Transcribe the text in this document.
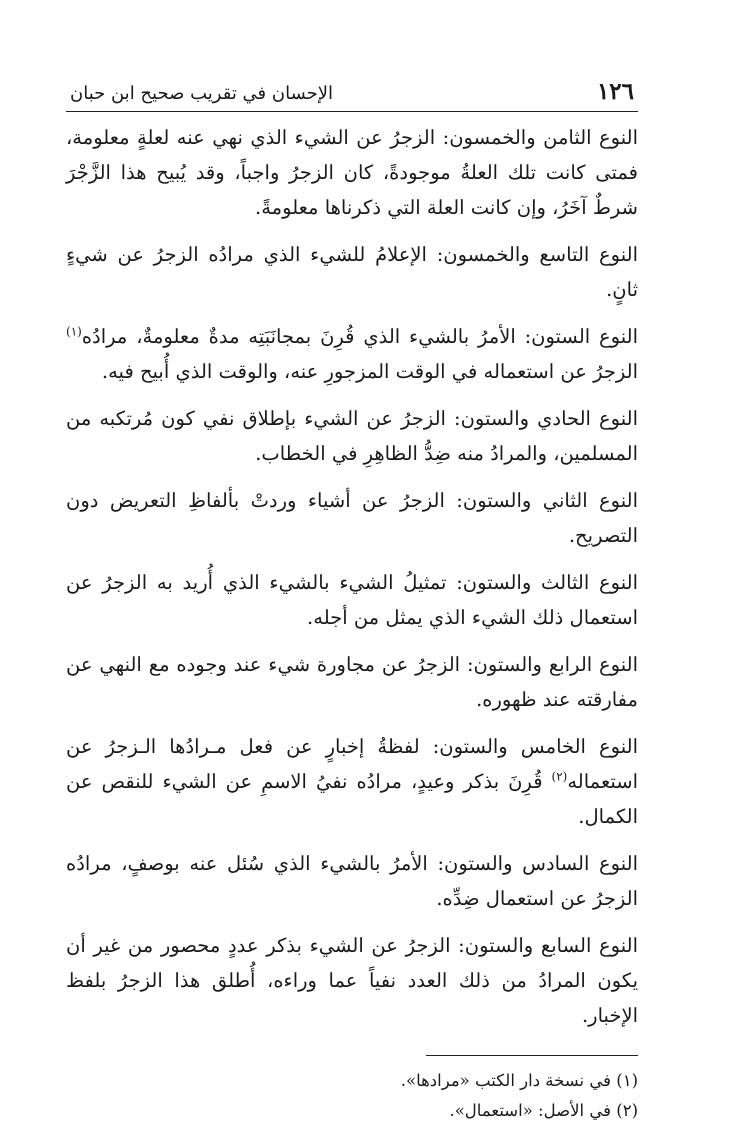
١٢٦
الإحسان في تقريب صحيح ابن حبان

النوع الثامن والخمسون: الزجرُ عن الشيء الذي نهي عنه لعلةٍ معلومة، فمتى كانت تلك العلةُ موجودةً، كان الزجرُ واجباً، وقد يُبيح هذا الزَّجْرَ شرطٌ آخَرُ، وإن كانت العلة التي ذكرناها معلومةً.

النوع التاسع والخمسون: الإعلامُ للشيء الذي مرادُه الزجرُ عن شيءٍ ثانٍ.

النوع الستون: الأمرُ بالشيء الذي قُرِنَ بمجانَبَتِه مدةٌ معلومةٌ، مرادُه$^{(١)}$ الزجرُ عن استعماله في الوقت المزجورِ عنه، والوقت الذي أُبيح فيه.

النوع الحادي والستون: الزجرُ عن الشيء بإطلاق نفي كون مُرتكبه من المسلمين، والمرادُ منه ضِدُّ الظاهِرِ في الخطاب.

النوع الثاني والستون: الزجرُ عن أشياء وردتْ بألفاظِ التعريض دون التصريح.

النوع الثالث والستون: تمثيلُ الشيء بالشيء الذي أُريد به الزجرُ عن استعمال ذلك الشيء الذي يمثل من أجله.

النوع الرابع والستون: الزجرُ عن مجاورة شيء عند وجوده مع النهي عن مفارقته عند ظهوره.

النوع الخامس والستون: لفظةُ إخبارٍ عن فعل مـرادُها الـزجرُ عن استعماله$^{(٢)}$ قُرِنَ بذكر وعيدٍ، مرادُه نفيُ الاسمِ عن الشيء للنقص عن الكمال.

النوع السادس والستون: الأمرُ بالشيء الذي سُئل عنه بوصفٍ، مرادُه الزجرُ عن استعمال ضِدِّه.

النوع السابع والستون: الزجرُ عن الشيء بذكر عددٍ محصور من غير أن يكون المرادُ من ذلك العدد نفياً عما وراءه، أُطلق هذا الزجرُ بلفظ الإخبار.

(١) في نسخة دار الكتب «مرادها».

(٢) في الأصل: «استعمال».
